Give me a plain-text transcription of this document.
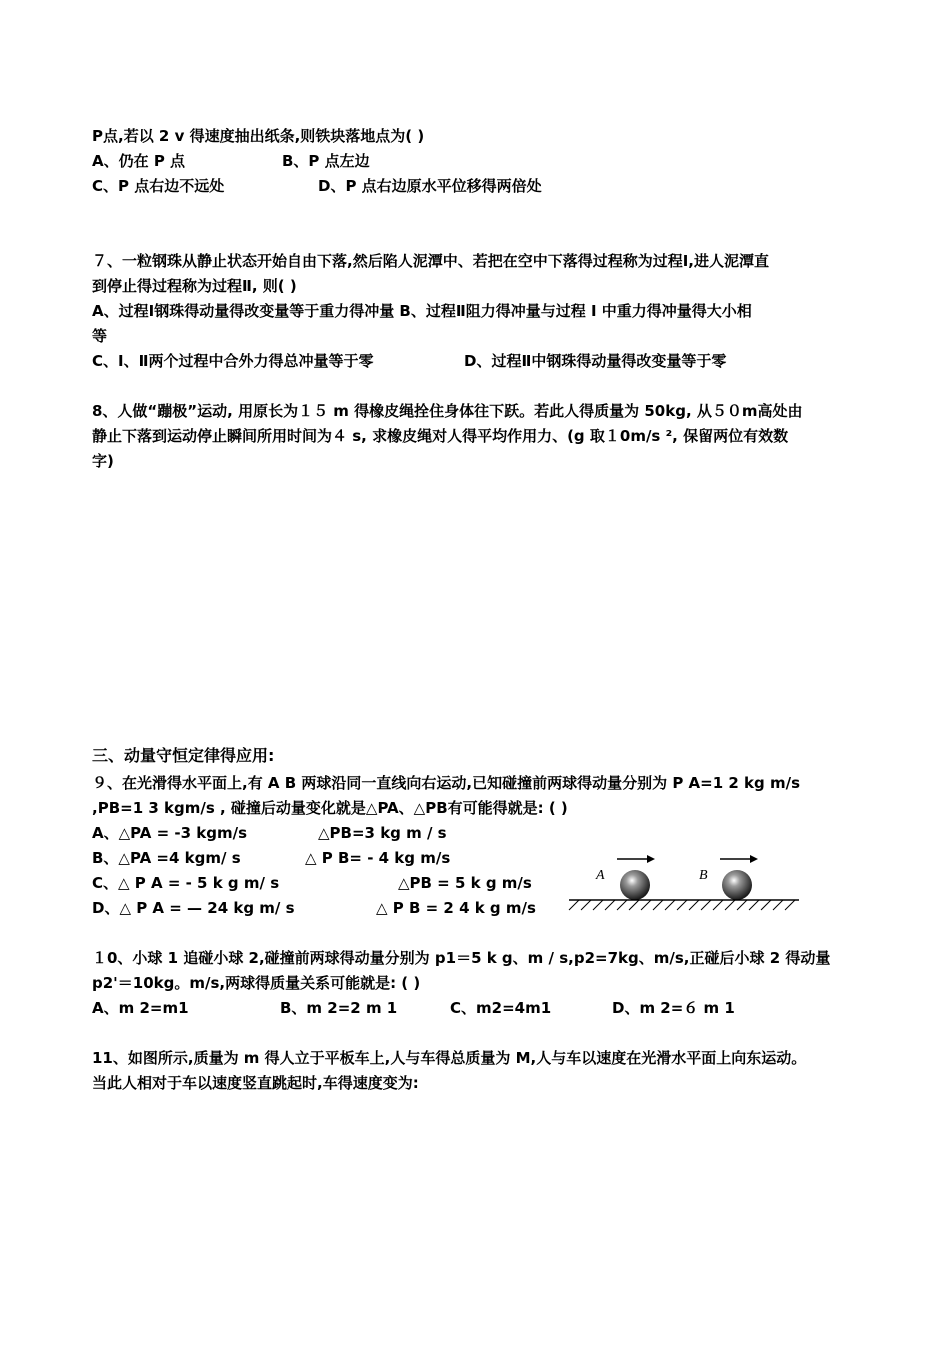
P点,若以 2 v 得速度抽出纸条,则铁块落地点为( )
A、仍在 P 点	B、P 点左边
C、P 点右边不远处	D、P 点右边原水平位移得两倍处
７、一粒钢珠从静止状态开始自由下落,然后陷人泥潭中、若把在空中下落得过程称为过程Ⅰ,进人泥潭直
到停止得过程称为过程Ⅱ, 则( )
A、过程Ⅰ钢珠得动量得改变量等于重力得冲量 B、过程Ⅱ阻力得冲量与过程 I 中重力得冲量得大小相
等
C、I、Ⅱ两个过程中合外力得总冲量等于零	D、过程Ⅱ中钢珠得动量得改变量等于零
8、人做“蹦极”运动, 用原长为１５ m 得橡皮绳拴住身体往下跃。若此人得质量为 50kg, 从５０m高处由
静止下落到运动停止瞬间所用时间为４ s, 求橡皮绳对人得平均作用力、(g 取１0m/s ², 保留两位有效数
字)
三、动量守恒定律得应用:
９、在光滑得水平面上,有 A B 两球沿同一直线向右运动,已知碰撞前两球得动量分别为 P A=1 2 kg m/s
,PB=1 3 kgm/s , 碰撞后动量变化就是△PA、△PB有可能得就是: ( )
A、△PA = -3 kgm/s	△PB=3 kg m / s
B、△PA =4 kgm/ s	△ P B= - 4 kg m/s
C、△ P A = - 5 k g m/ s	△PB = 5 k g m/s
D、△ P A = — 24 kg m/ s	△ P B = 2 4 k g m/s
A	B
１0、小球 1 追碰小球 2,碰撞前两球得动量分别为 p1＝5 k g、m / s,p2=7kg、m/s,正碰后小球 2 得动量
p2'＝10kg。m/s,两球得质量关系可能就是: ( )
A、m 2=m1	B、m 2=2 m 1	C、m2=4m1	D、m 2=６ m 1
11、如图所示,质量为 m 得人立于平板车上,人与车得总质量为 M,人与车以速度在光滑水平面上向东运动。
当此人相对于车以速度竖直跳起时,车得速度变为:
